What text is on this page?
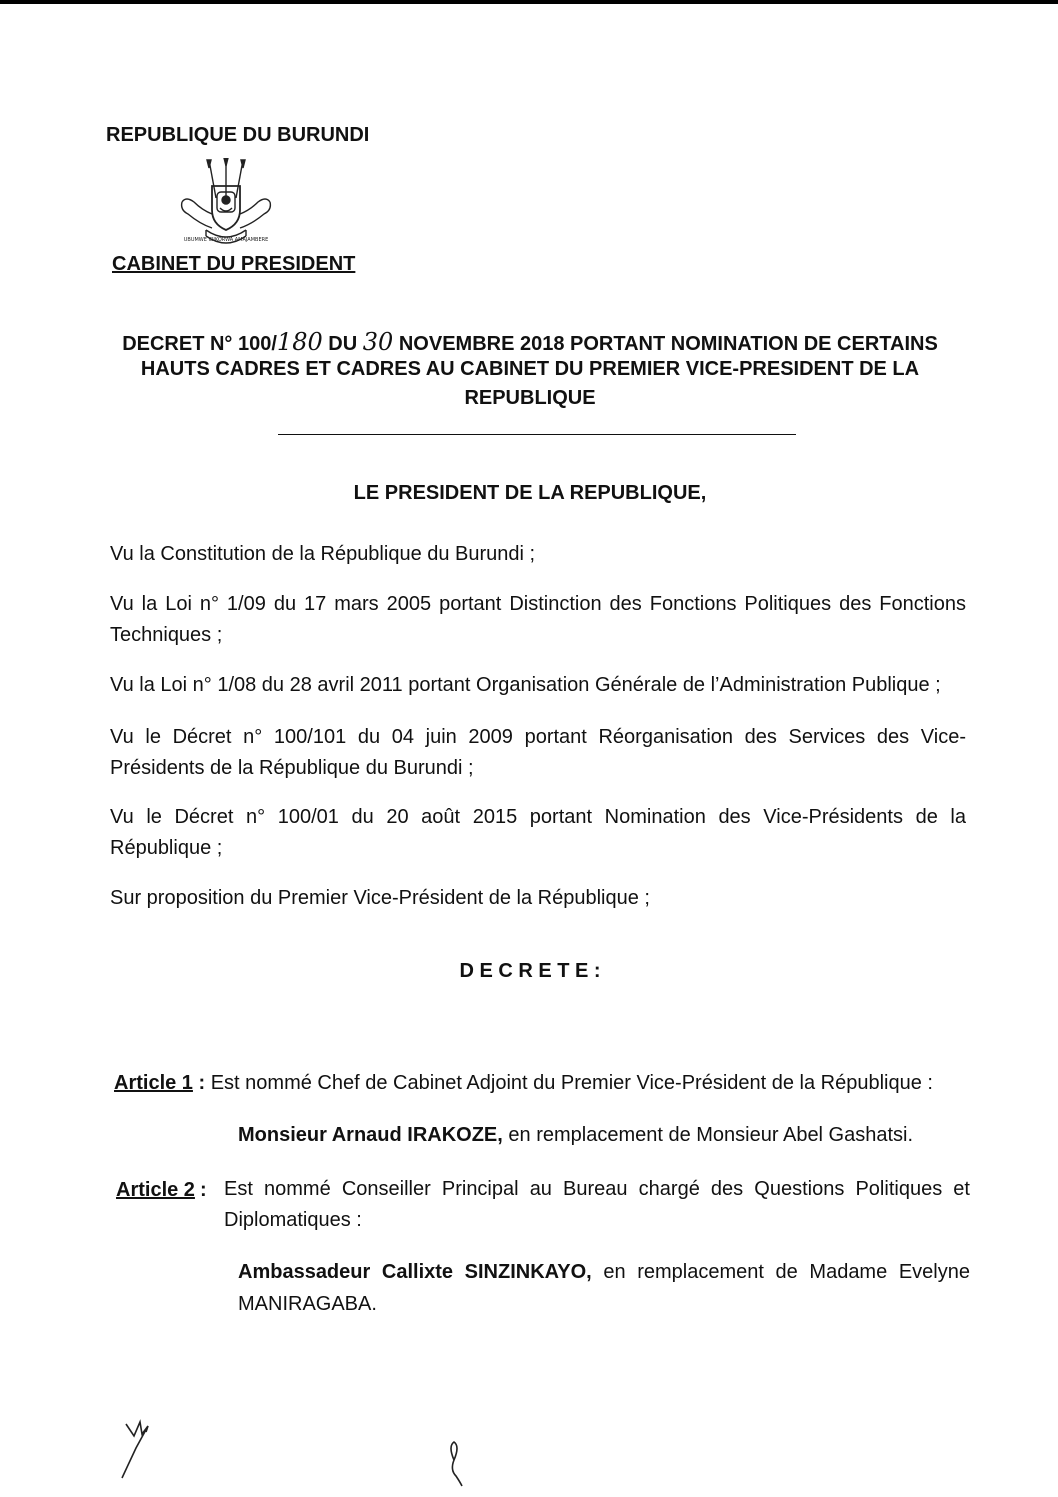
REPUBLIQUE DU BURUNDI
UBUMWE IBIKORWA AMAJAMBERE
CABINET DU PRESIDENT
DECRET N° 100/180 DU 30 NOVEMBRE 2018 PORTANT NOMINATION DE CERTAINS
HAUTS CADRES ET CADRES AU CABINET DU PREMIER VICE-PRESIDENT DE LA
REPUBLIQUE
LE PRESIDENT DE LA REPUBLIQUE,
Vu la Constitution de la République du Burundi ;
Vu la Loi n° 1/09 du 17 mars 2005 portant Distinction des Fonctions Politiques des Fonctions Techniques ;
Vu la Loi n° 1/08 du 28 avril 2011 portant Organisation Générale de l’Administration Publique ;
Vu le Décret n° 100/101 du 04 juin 2009 portant Réorganisation des Services des Vice-Présidents de la République du Burundi ;
Vu le Décret n° 100/01 du 20 août 2015 portant Nomination des Vice-Présidents de la République ;
Sur proposition du Premier Vice-Président de la République ;
D E C R E T E :
Article 1 : Est nommé Chef de Cabinet Adjoint du Premier Vice-Président de la République :
Monsieur Arnaud IRAKOZE, en remplacement de Monsieur Abel Gashatsi.
Article 2 : Est nommé Conseiller Principal au Bureau chargé des Questions Politiques et Diplomatiques :
Ambassadeur Callixte SINZINKAYO, en remplacement de Madame Evelyne MANIRAGABA.
